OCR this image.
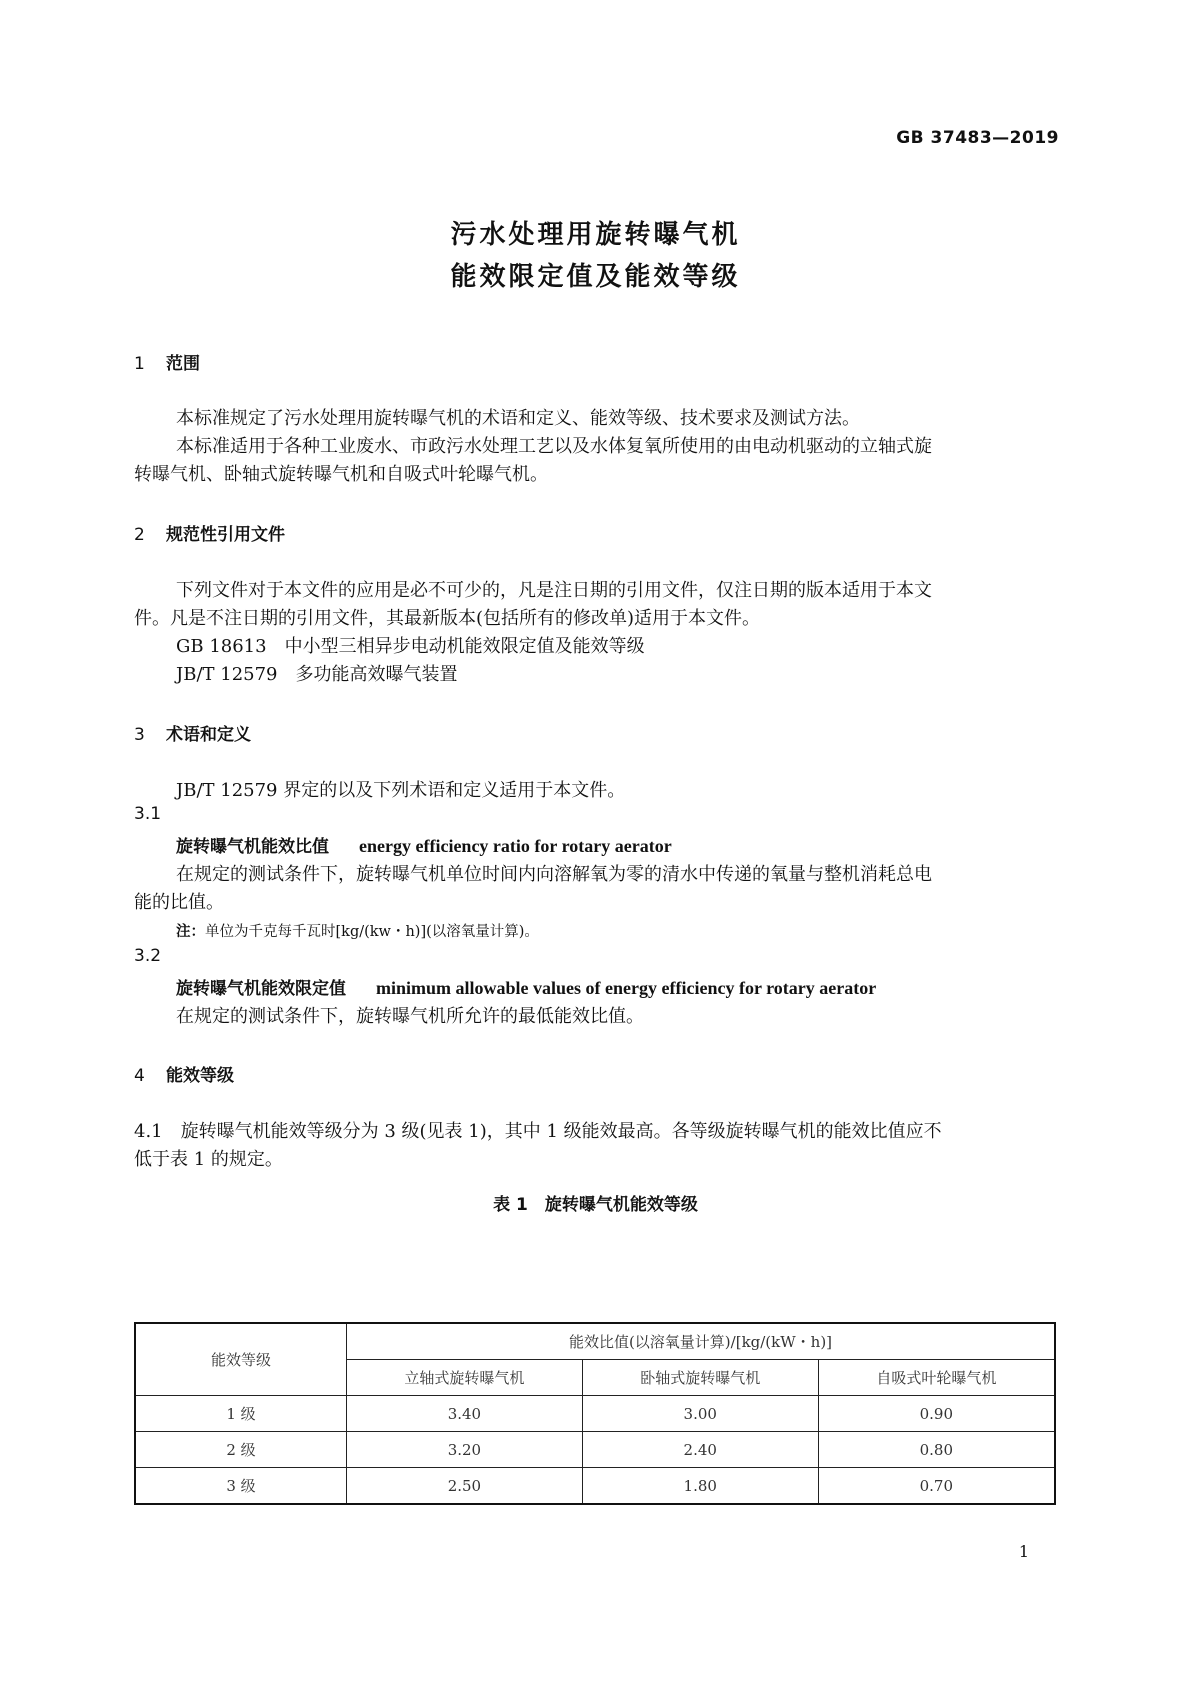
GB 37483—2019
污水处理用旋转曝气机
能效限定值及能效等级
1 范围
本标准规定了污水处理用旋转曝气机的术语和定义、能效等级、技术要求及测试方法。
本标准适用于各种工业废水、市政污水处理工艺以及水体复氧所使用的由电动机驱动的立轴式旋
转曝气机、卧轴式旋转曝气机和自吸式叶轮曝气机。
2 规范性引用文件
下列文件对于本文件的应用是必不可少的，凡是注日期的引用文件，仅注日期的版本适用于本文
件。凡是不注日期的引用文件，其最新版本(包括所有的修改单)适用于本文件。
GB 18613　中小型三相异步电动机能效限定值及能效等级
JB/T 12579　多功能高效曝气装置
3 术语和定义
JB/T 12579 界定的以及下列术语和定义适用于本文件。
3.1
旋转曝气机能效比值 energy efficiency ratio for rotary aerator
在规定的测试条件下，旋转曝气机单位时间内向溶解氧为零的清水中传递的氧量与整机消耗总电
能的比值。
注：单位为千克每千瓦时[kg/(kw・h)](以溶氧量计算)。
3.2
旋转曝气机能效限定值 minimum allowable values of energy efficiency for rotary aerator
在规定的测试条件下，旋转曝气机所允许的最低能效比值。
4 能效等级
4.1　旋转曝气机能效等级分为 3 级(见表 1)，其中 1 级能效最高。各等级旋转曝气机的能效比值应不
低于表 1 的规定。
表 1　旋转曝气机能效等级
能效等级	能效比值(以溶氧量计算)/[kg/(kW・h)]		
	立轴式旋转曝气机	卧轴式旋转曝气机	自吸式叶轮曝气机
1 级	3.40	3.00	0.90
2 级	3.20	2.40	0.80
3 级	2.50	1.80	0.70
1
